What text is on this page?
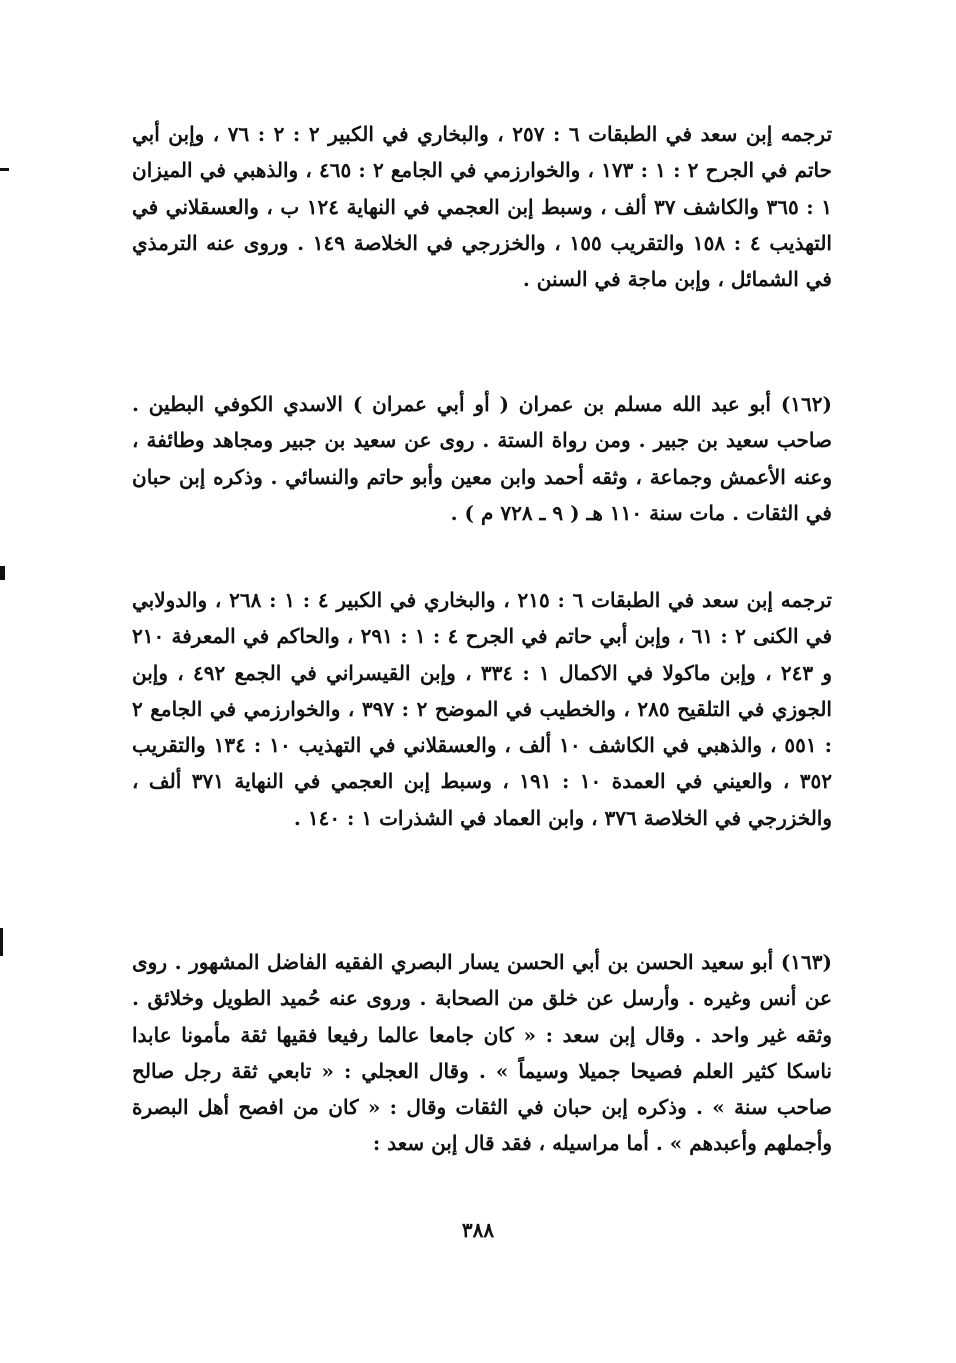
ترجمه إبن سعد في الطبقات ٦ : ٢٥٧ ، والبخاري في الكبير ٢ : ٢ : ٧٦ ، وإبن أبي حاتم في الجرح ٢ : ١ : ١٧٣ ، والخوارزمي في الجامع ٢ : ٤٦٥ ، والذهبي في الميزان ١ : ٣٦٥ والكاشف ٣٧ ألف ، وسبط إبن العجمي في النهاية ١٢٤ ب ، والعسقلاني في التهذيب ٤ : ١٥٨ والتقريب ١٥٥ ، والخزرجي في الخلاصة ١٤٩ . وروى عنه الترمذي في الشمائل ، وإبن ماجة في السنن .

(١٦٢) أبو عبد الله مسلم بن عمران ( أو أبي عمران ) الاسدي الكوفي البطين . صاحب سعيد بن جبير . ومن رواة الستة . روى عن سعيد بن جبير ومجاهد وطائفة ، وعنه الأعمش وجماعة ، وثقه أحمد وابن معين وأبو حاتم والنسائي . وذكره إبن حبان في الثقات . مات سنة ١١٠ هـ ( ٩ ـ ٧٢٨ م ) .

ترجمه إبن سعد في الطبقات ٦ : ٢١٥ ، والبخاري في الكبير ٤ : ١ : ٢٦٨ ، والدولابي في الكنى ٢ : ٦١ ، وإبن أبي حاتم في الجرح ٤ : ١ : ٢٩١ ، والحاكم في المعرفة ٢١٠ و ٢٤٣ ، وإبن ماكولا في الاكمال ١ : ٣٣٤ ، وإبن القيسراني في الجمع ٤٩٢ ، وإبن الجوزي في التلقيح ٢٨٥ ، والخطيب في الموضح ٢ : ٣٩٧ ، والخوارزمي في الجامع ٢ : ٥٥١ ، والذهبي في الكاشف ١٠ ألف ، والعسقلاني في التهذيب ١٠ : ١٣٤ والتقريب ٣٥٢ ، والعيني في العمدة ١٠ : ١٩١ ، وسبط إبن العجمي في النهاية ٣٧١ ألف ، والخزرجي في الخلاصة ٣٧٦ ، وابن العماد في الشذرات ١ : ١٤٠ .

(١٦٣) أبو سعيد الحسن بن أبي الحسن يسار البصري الفقيه الفاضل المشهور . روى عن أنس وغيره . وأرسل عن خلق من الصحابة . وروى عنه حُميد الطويل وخلائق . وثقه غير واحد . وقال إبن سعد : « كان جامعا عالما رفيعا فقيها ثقة مأمونا عابدا ناسكا كثير العلم فصيحا جميلا وسيماً » . وقال العجلي : « تابعي ثقة رجل صالح صاحب سنة » . وذكره إبن حبان في الثقات وقال : « كان من افصح أهل البصرة وأجملهم وأعبدهم » . أما مراسيله ، فقد قال إبن سعد :

٣٨٨
